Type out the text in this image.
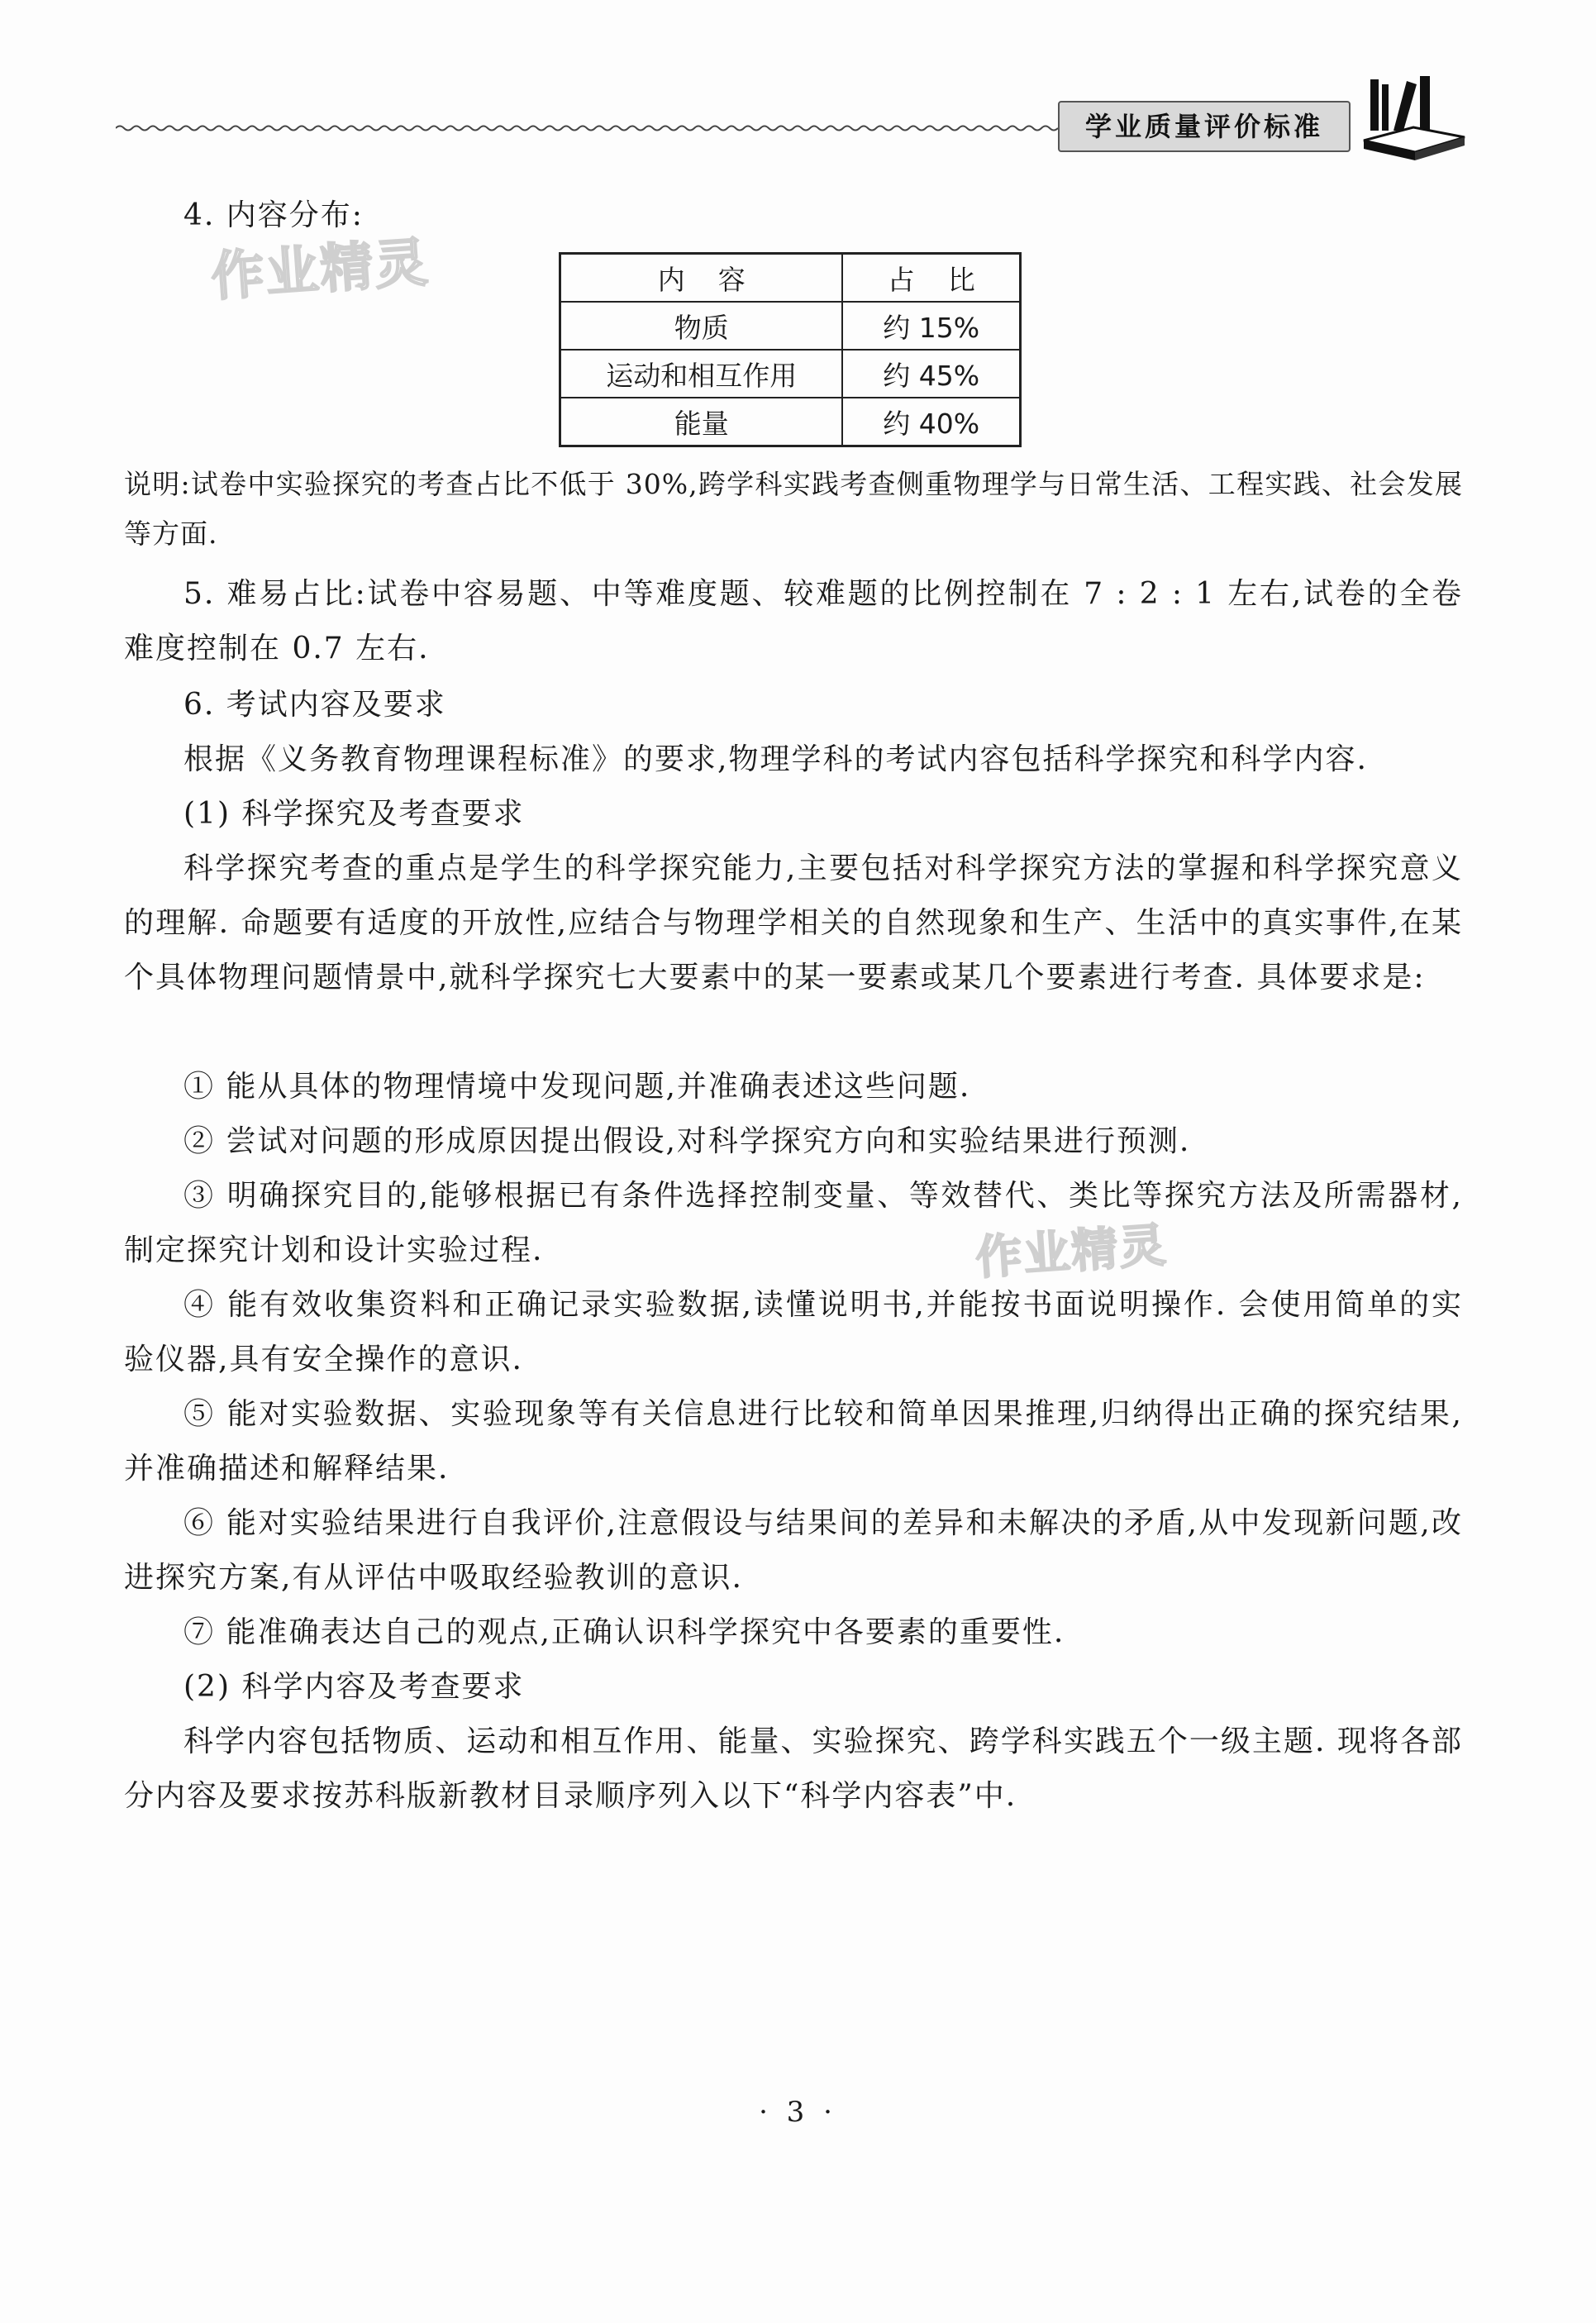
学业质量评价标准
作业精灵
作业精灵
4. 内容分布:
内容	占比
物质	约 15%
运动和相互作用	约 45%
能量	约 40%
说明:试卷中实验探究的考查占比不低于 30%,跨学科实践考查侧重物理学与日常生活、工程实践、社会发展等方面.
5. 难易占比:试卷中容易题、中等难度题、较难题的比例控制在 7 : 2 : 1 左右,试卷的全卷难度控制在 0.7 左右.
6. 考试内容及要求
根据《义务教育物理课程标准》的要求,物理学科的考试内容包括科学探究和科学内容.
(1) 科学探究及考查要求
科学探究考查的重点是学生的科学探究能力,主要包括对科学探究方法的掌握和科学探究意义的理解. 命题要有适度的开放性,应结合与物理学相关的自然现象和生产、生活中的真实事件,在某个具体物理问题情景中,就科学探究七大要素中的某一要素或某几个要素进行考查. 具体要求是:
① 能从具体的物理情境中发现问题,并准确表述这些问题.
② 尝试对问题的形成原因提出假设,对科学探究方向和实验结果进行预测.
③ 明确探究目的,能够根据已有条件选择控制变量、等效替代、类比等探究方法及所需器材,制定探究计划和设计实验过程.
④ 能有效收集资料和正确记录实验数据,读懂说明书,并能按书面说明操作. 会使用简单的实验仪器,具有安全操作的意识.
⑤ 能对实验数据、实验现象等有关信息进行比较和简单因果推理,归纳得出正确的探究结果,并准确描述和解释结果.
⑥ 能对实验结果进行自我评价,注意假设与结果间的差异和未解决的矛盾,从中发现新问题,改进探究方案,有从评估中吸取经验教训的意识.
⑦ 能准确表达自己的观点,正确认识科学探究中各要素的重要性.
(2) 科学内容及考查要求
科学内容包括物质、运动和相互作用、能量、实验探究、跨学科实践五个一级主题. 现将各部分内容及要求按苏科版新教材目录顺序列入以下“科学内容表”中.
· 3 ·
